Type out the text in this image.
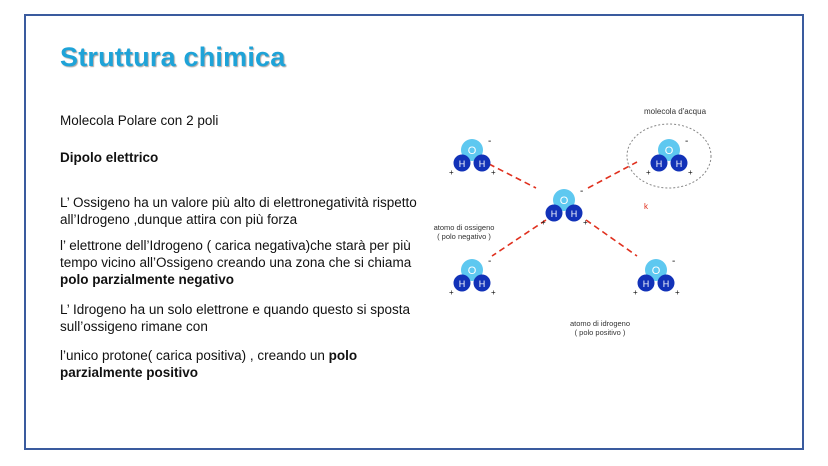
Struttura chimica

Molecola Polare con 2 poli

Dipolo elettrico

L’ Ossigeno ha un valore più alto di elettronegatività rispetto all’Idrogeno ,dunque attira con più forza

l’ elettrone dell’Idrogeno ( carica negativa)che starà per più tempo vicino all’Ossigeno creando una zona che si chiama polo parzialmente negativo

L’ Idrogeno ha un solo elettrone e quando questo si sposta sull’ossigeno rimane con

l’unico protone( carica positiva) , creando un polo parzialmente positivo

O
molecola d'acqua
H H
-
+	+
H H
-
+	+
H H
-
+	+
H H
-
+	+
H H
-
+	+
k
atomo di ossigeno
( polo negativo )
atomo di idrogeno
( polo positivo )
